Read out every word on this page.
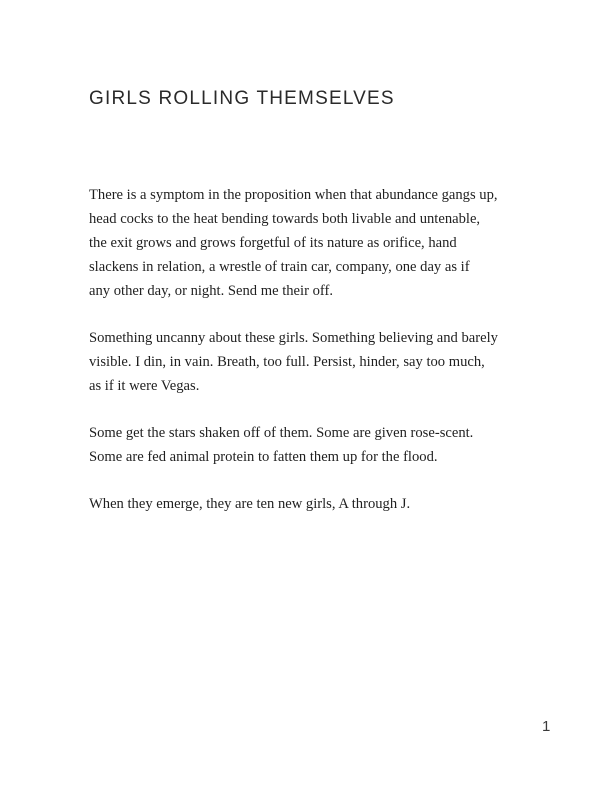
GIRLS ROLLING THEMSELVES

There is a symptom in the proposition when that abundance gangs up,
head cocks to the heat bending towards both livable and untenable,
the exit grows and grows forgetful of its nature as orifice, hand
slackens in relation, a wrestle of train car, company, one day as if
any other day, or night. Send me their off.

Something uncanny about these girls. Something believing and barely
visible. I din, in vain. Breath, too full. Persist, hinder, say too much,
as if it were Vegas.

Some get the stars shaken off of them. Some are given rose-scent.
Some are fed animal protein to fatten them up for the flood.

When they emerge, they are ten new girls, A through J.

1
